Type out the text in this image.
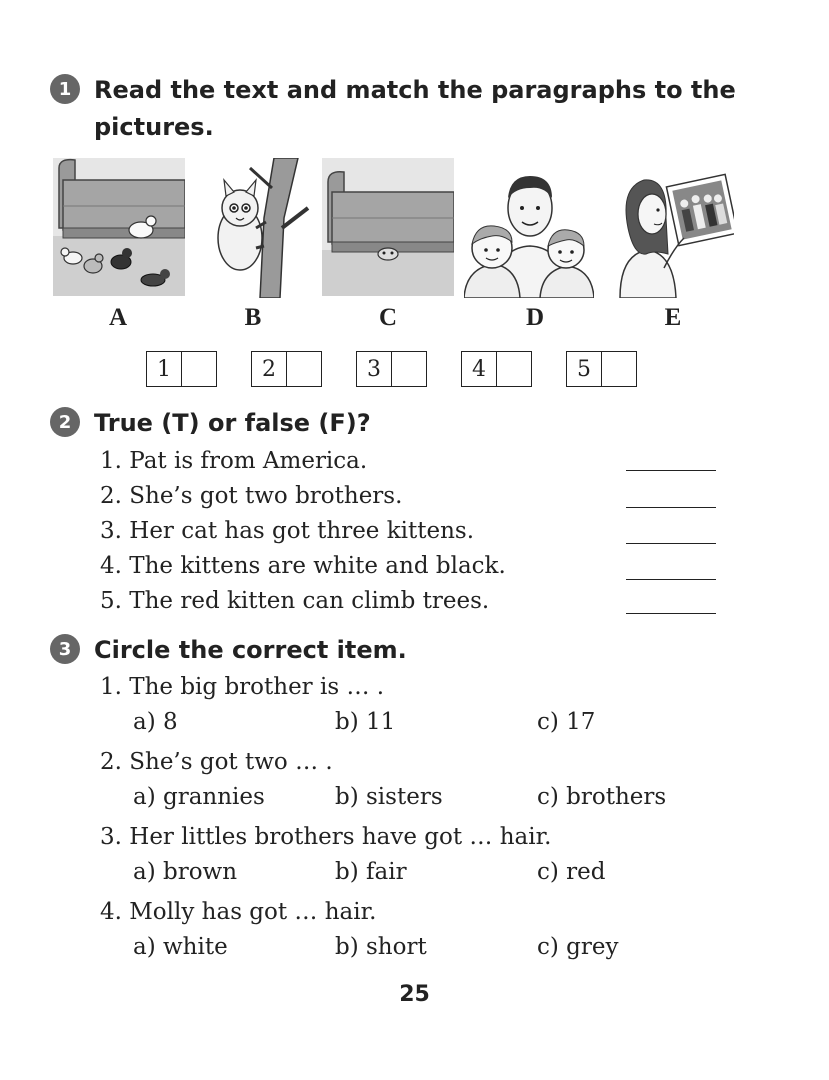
1 Read the text and match the paragraphs to the
pictures.
A	B	C	D	E
1	2	3	4	5
2 True (T) or false (F)?
1. Pat is from America.
2. She’s got two brothers.
3. Her cat has got three kittens.
4. The kittens are white and black.
5. The red kitten can climb trees.
3 Circle the correct item.
1. The big brother is … .
a) 8	b) 11	c) 17
2. She’s got two … .
a) grannies	b) sisters	c) brothers
3. Her littles brothers have got … hair.
a) brown	b) fair	c) red
4. Molly has got … hair.
a) white	b) short	c) grey
25
